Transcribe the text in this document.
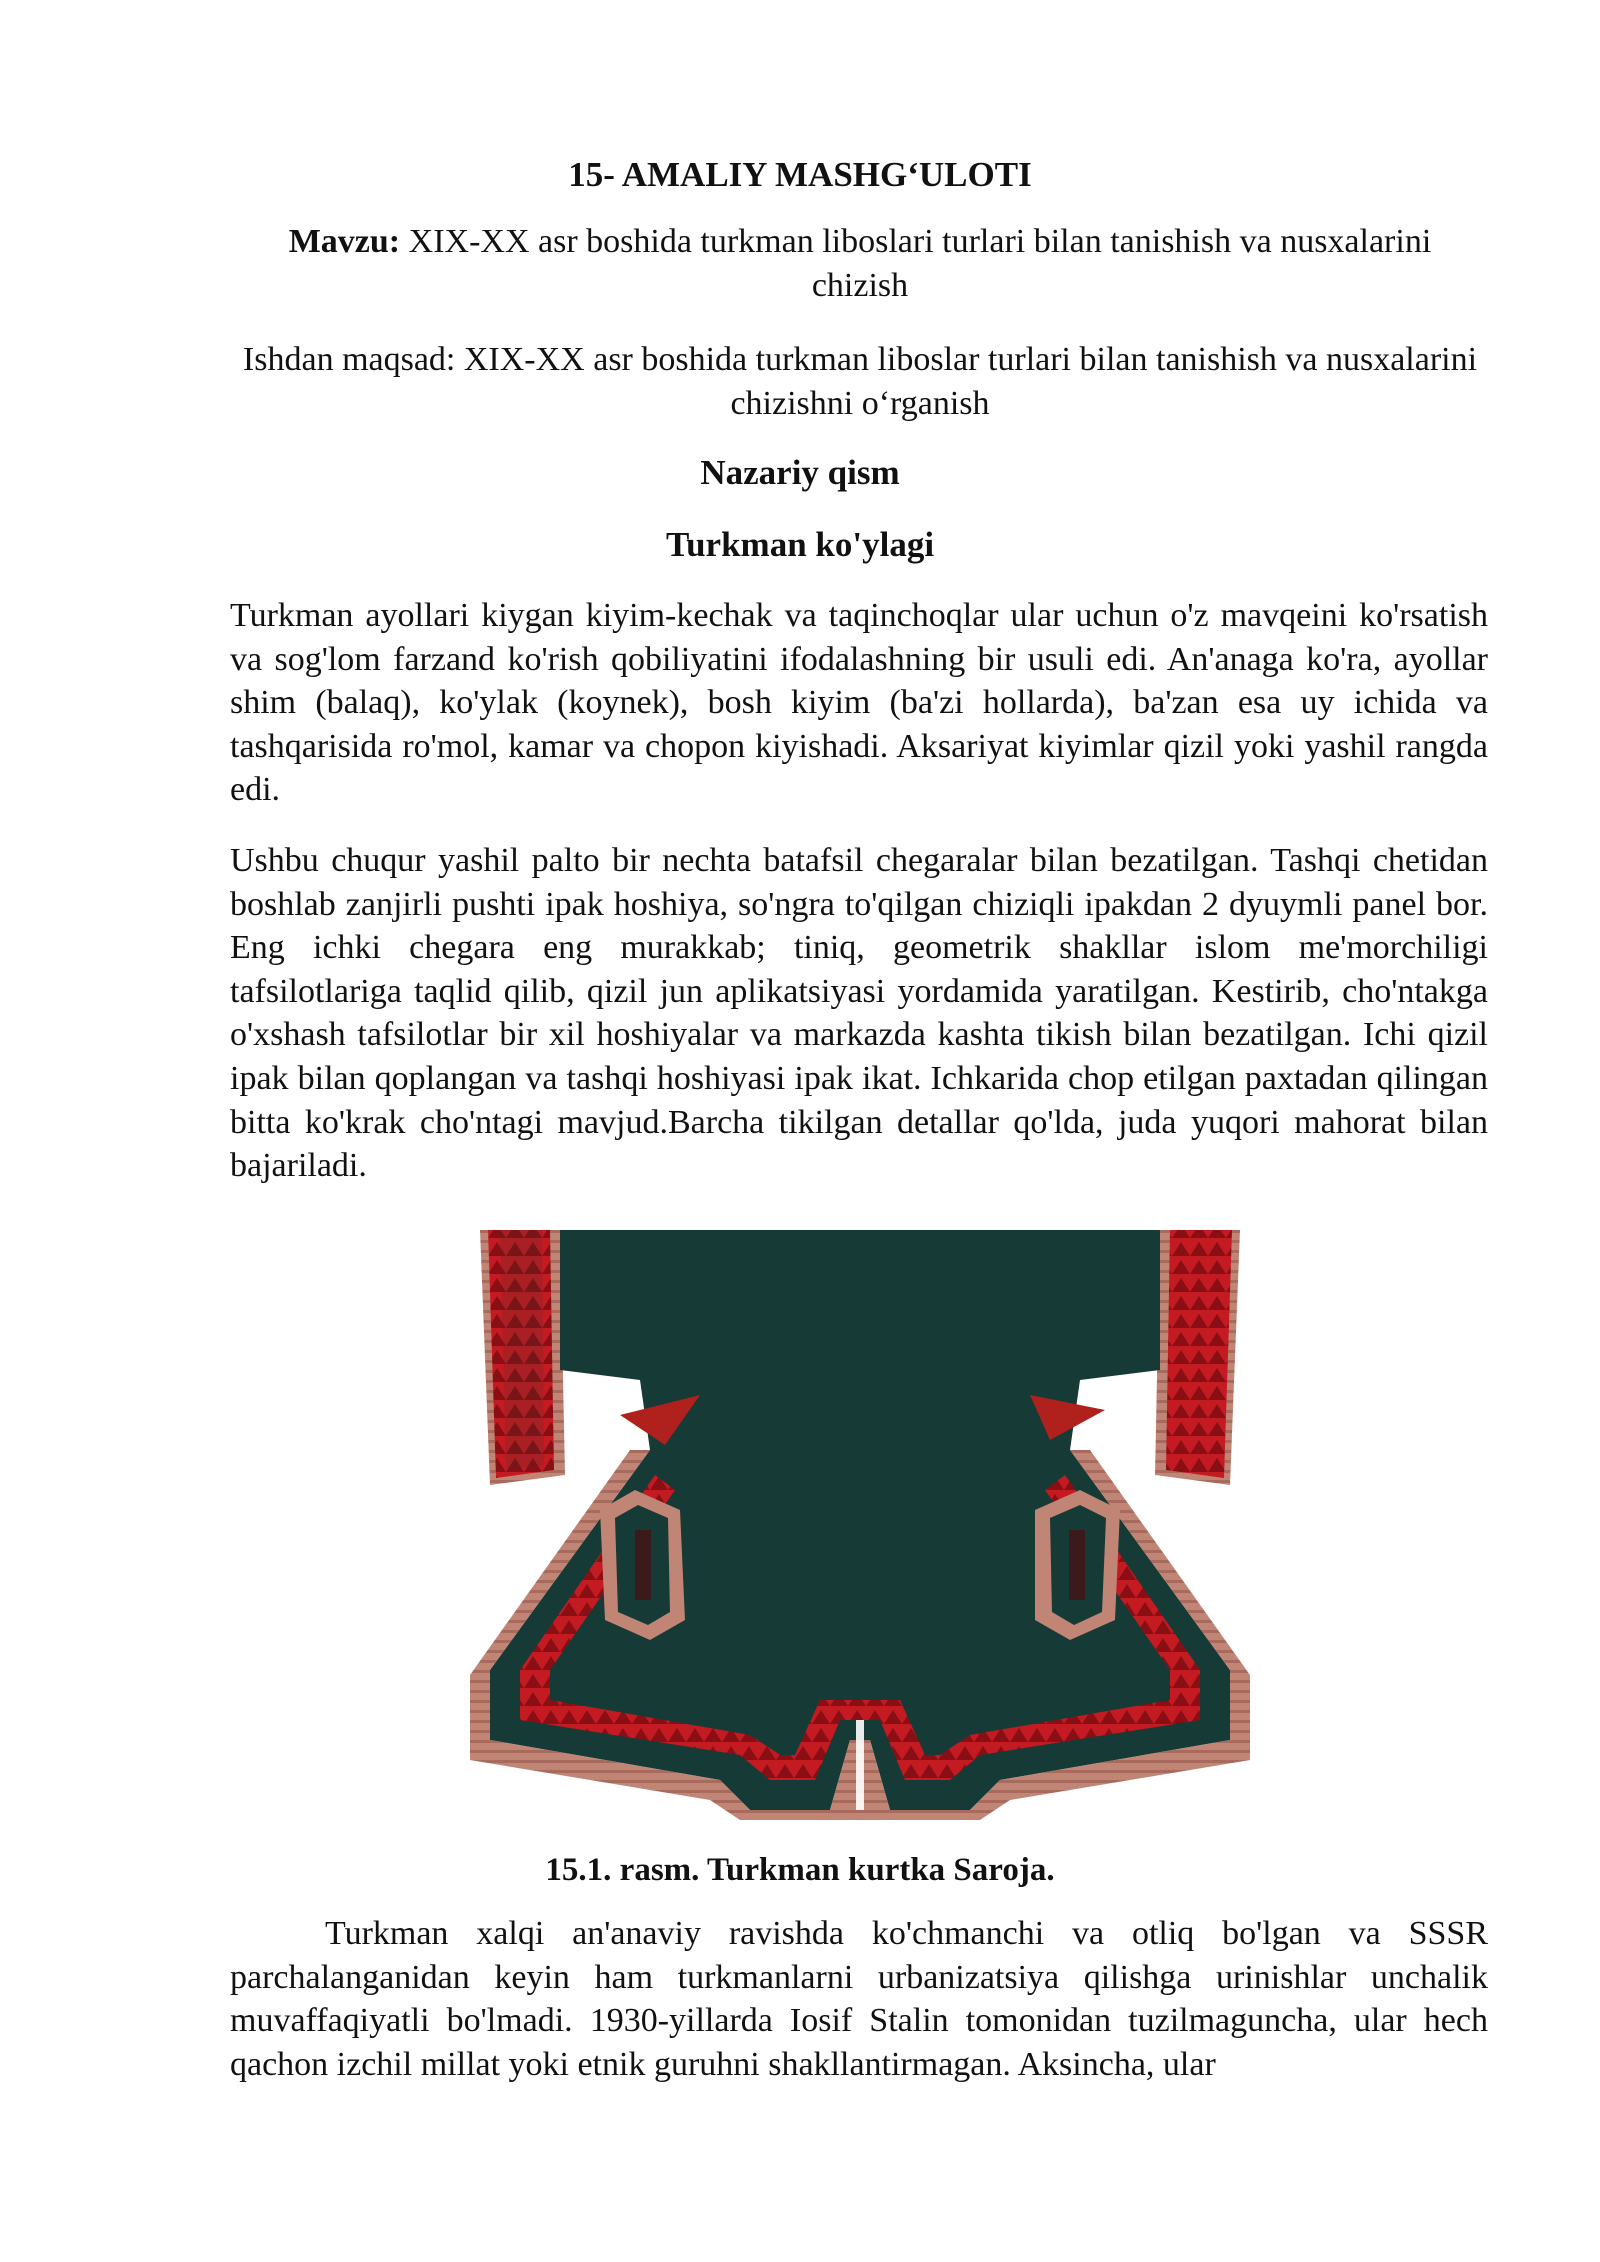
15- AMALIY MASHG‘ULOTI
Mavzu: XIX-XX asr boshida turkman liboslari turlari bilan tanishish va nusxalarini chizish
Ishdan maqsad: XIX-XX asr boshida turkman liboslar turlari bilan tanishish va nusxalarini chizishni o‘rganish
Nazariy qism
Turkman ko'ylagi

Turkman ayollari kiygan kiyim-kechak va taqinchoqlar ular uchun o'z mavqeini ko'rsatish va sog'lom farzand ko'rish qobiliyatini ifodalashning bir usuli edi. An'anaga ko'ra, ayollar shim (balaq), ko'ylak (koynek), bosh kiyim (ba'zi hollarda), ba'zan esa uy ichida va tashqarisida ro'mol, kamar va chopon kiyishadi. Aksariyat kiyimlar qizil yoki yashil rangda edi.

Ushbu chuqur yashil palto bir nechta batafsil chegaralar bilan bezatilgan. Tashqi chetidan boshlab zanjirli pushti ipak hoshiya, so'ngra to'qilgan chiziqli ipakdan 2 dyuymli panel bor. Eng ichki chegara eng murakkab; tiniq, geometrik shakllar islom me'morchiligi tafsilotlariga taqlid qilib, qizil jun aplikatsiyasi yordamida yaratilgan. Kestirib, cho'ntakga o'xshash tafsilotlar bir xil hoshiyalar va markazda kashta tikish bilan bezatilgan. Ichi qizil ipak bilan qoplangan va tashqi hoshiyasi ipak ikat. Ichkarida chop etilgan paxtadan qilingan bitta ko'krak cho'ntagi mavjud.Barcha tikilgan detallar qo'lda, juda yuqori mahorat bilan bajariladi.

15.1. rasm. Turkman kurtka Saroja.

Turkman xalqi an'anaviy ravishda ko'chmanchi va otliq bo'lgan va SSSR parchalanganidan keyin ham turkmanlarni urbanizatsiya qilishga urinishlar unchalik muvaffaqiyatli bo'lmadi. 1930-yillarda Iosif Stalin tomonidan tuzilmaguncha, ular hech qachon izchil millat yoki etnik guruhni shakllantirmagan. Aksincha, ular
